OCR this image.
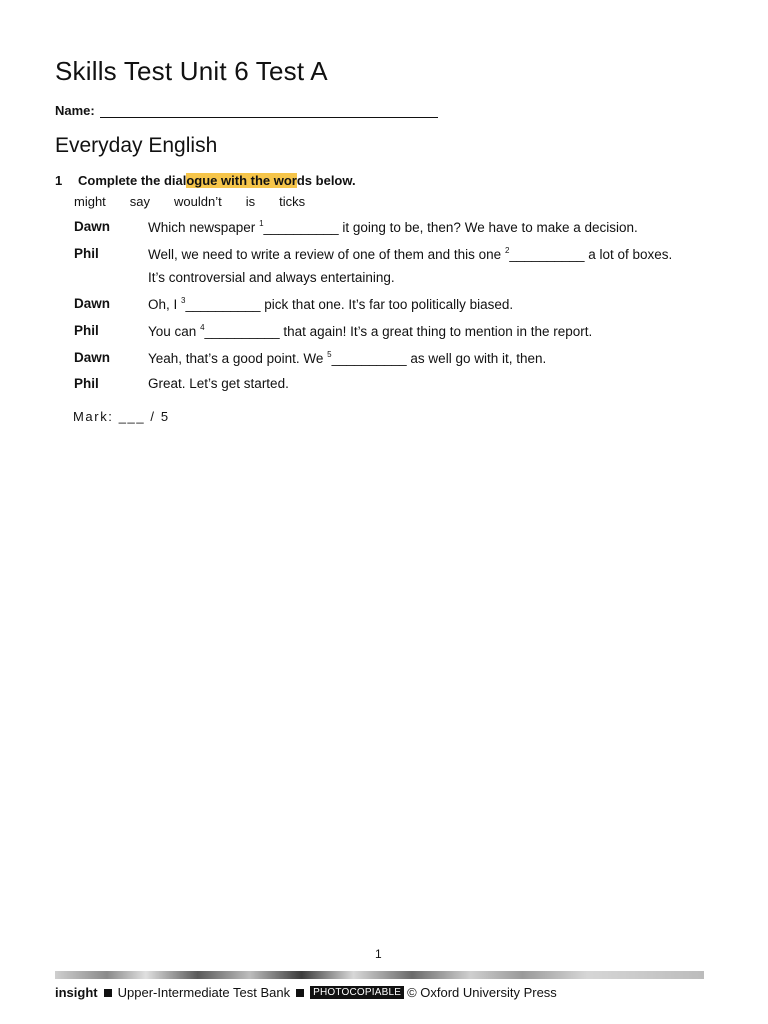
Skills Test Unit 6 Test A
Name:
Everyday English
1 Complete the dialogue with the words below.
might say wouldn’t is ticks
Dawn	Which newspaper $^1$__________ it going to be, then? We have to make a decision.
Phil	Well, we need to write a review of one of them and this one $^2$__________ a lot of boxes.
It’s controversial and always entertaining.
Dawn	Oh, I $^3$__________ pick that one. It’s far too politically biased.
Phil	You can $^4$__________ that again! It’s a great thing to mention in the report.
Dawn	Yeah, that’s a good point. We $^5$__________ as well go with it, then.
Phil	Great. Let’s get started.
Mark: ___ / 5
1
insight Upper-Intermediate Test Bank	PHOTOCOPIABLE © Oxford University Press
